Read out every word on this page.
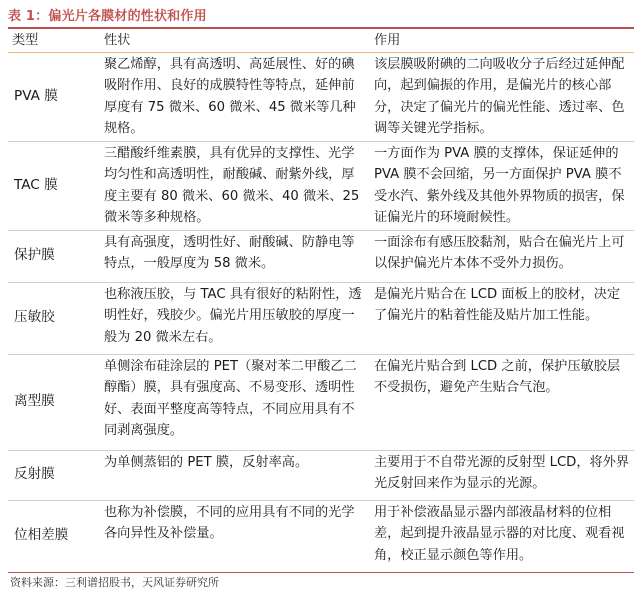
表 1：偏光片各膜材的性状和作用
类型	性状	作用
PVA 膜	聚乙烯醇，具有高透明、高延展性、好的碘吸附作用、良好的成膜特性等特点，延伸前厚度有 75 微米、60 微米、45 微米等几种规格。	该层膜吸附碘的二向吸收分子后经过延伸配向，起到偏振的作用，是偏光片的核心部分，决定了偏光片的偏光性能、透过率、色调等关键光学指标。
TAC 膜	三醋酸纤维素膜，具有优异的支撑性、光学均匀性和高透明性，耐酸碱、耐紫外线，厚度主要有 80 微米、60 微米、40 微米、25 微米等多种规格。	一方面作为 PVA 膜的支撑体，保证延伸的 PVA 膜不会回缩，另一方面保护 PVA 膜不受水汽、紫外线及其他外界物质的损害，保证偏光片的环境耐候性。
保护膜	具有高强度，透明性好、耐酸碱、防静电等特点，一般厚度为 58 微米。	一面涂布有感压胶黏剂，贴合在偏光片上可以保护偏光片本体不受外力损伤。
压敏胶	也称液压胶，与 TAC 具有很好的粘附性，透明性好，残胶少。偏光片用压敏胶的厚度一般为 20 微米左右。	是偏光片贴合在 LCD 面板上的胶材，决定了偏光片的粘着性能及贴片加工性能。
离型膜	单侧涂布硅涂层的 PET（聚对苯二甲酸乙二醇酯）膜，具有强度高、不易变形、透明性好、表面平整度高等特点，不同应用具有不同剥离强度。	在偏光片贴合到 LCD 之前，保护压敏胶层不受损伤，避免产生贴合气泡。
反射膜	为单侧蒸铝的 PET 膜，反射率高。	主要用于不自带光源的反射型 LCD，将外界光反射回来作为显示的光源。
位相差膜	也称为补偿膜，不同的应用具有不同的光学各向异性及补偿量。	用于补偿液晶显示器内部液晶材料的位相差，起到提升液晶显示器的对比度、观看视角，校正显示颜色等作用。
资料来源：三利谱招股书，天风证券研究所
